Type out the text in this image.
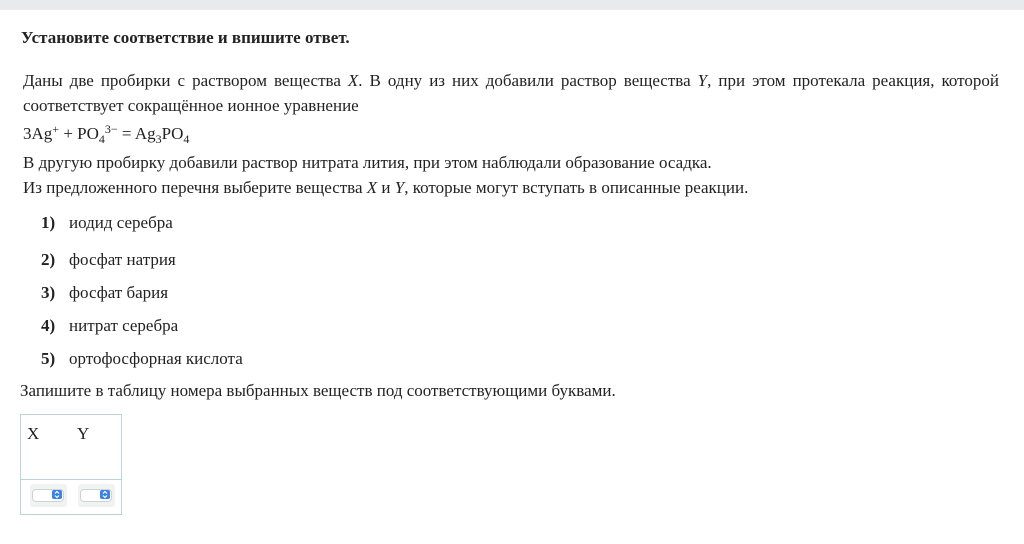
Установите соответствие и впишите ответ.
Даны две пробирки с раствором вещества X. В одну из них добавили раствор вещества Y, при этом протекала реакция, которой соответствует сокращённое ионное уравнение
$3Ag^+ + PO_4^{3-} = Ag_3PO_4$
В другую пробирку добавили раствор нитрата лития, при этом наблюдали образование осадка.
Из предложенного перечня выберите вещества X и Y, которые могут вступать в описанные реакции.
1) иодид серебра
2) фосфат натрия
3) фосфат бария
4) нитрат серебра
5) ортофосфорная кислота
Запишите в таблицу номера выбранных веществ под соответствующими буквами.
X Y
